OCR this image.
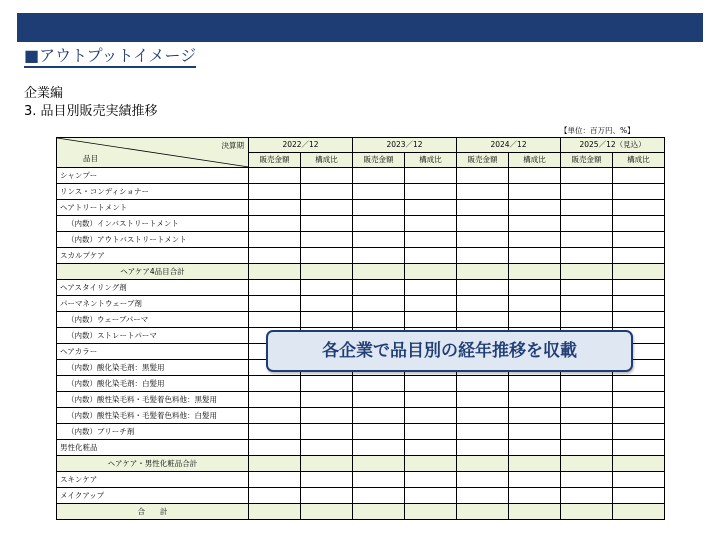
■アウトプットイメージ
企業編
3. 品目別販売実績推移
【単位：百万円、%】
決算期
品目	2022／12		2023／12		2024／12		2025／12（見込）	
	販売金額	構成比	販売金額	構成比	販売金額	構成比	販売金額	構成比
シャンプー								
リンス・コンディショナー								
ヘアトリートメント								
（内数）インバストリートメント								
（内数）アウトバストリートメント								
スカルプケア								
ヘアケア4品目合計								
ヘアスタイリング剤								
パーマネントウェーブ剤								
（内数）ウェーブパーマ								
（内数）ストレートパーマ								
ヘアカラー								
（内数）酸化染毛剤：黒髪用								
（内数）酸化染毛剤：白髪用								
（内数）酸性染毛料・毛髪着色料他：黒髪用								
（内数）酸性染毛料・毛髪着色料他：白髪用								
（内数）ブリーチ剤								
男性化粧品								
ヘアケア・男性化粧品合計								
スキンケア								
メイクアップ								
合　　計								
各企業で品目別の経年推移を収載
